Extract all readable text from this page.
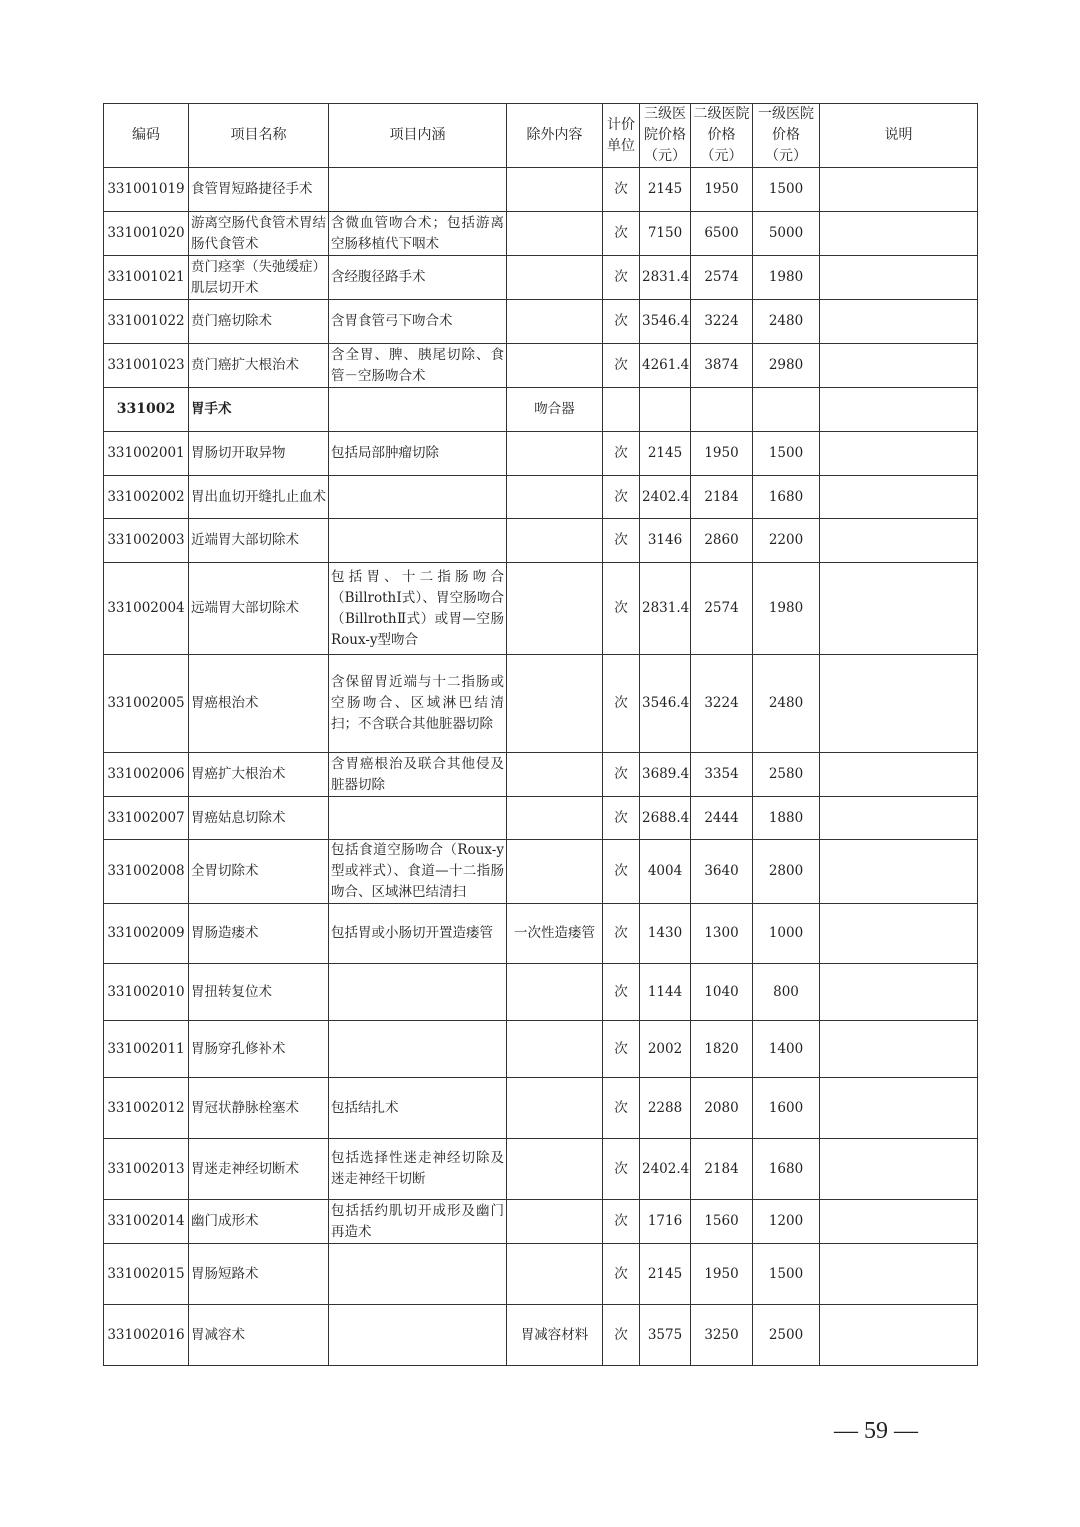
编码	项目名称	项目内涵	除外内容	计价单位	三级医院价格（元）	二级医院价格（元）	一级医院价格（元）	说明
331001019	食管胃短路捷径手术			次	2145	1950	1500	
331001020	游离空肠代食管术胃结肠代食管术	含微血管吻合术；包括游离空肠移植代下咽术		次	7150	6500	5000	
331001021	贲门痉挛（失弛缓症）肌层切开术	含经腹径路手术		次	2831.4	2574	1980	
331001022	贲门癌切除术	含胃食管弓下吻合术		次	3546.4	3224	2480	
331001023	贲门癌扩大根治术	含全胃、脾、胰尾切除、食管－空肠吻合术		次	4261.4	3874	2980	
331002	胃手术		吻合器					
331002001	胃肠切开取异物	包括局部肿瘤切除		次	2145	1950	1500	
331002002	胃出血切开缝扎止血术			次	2402.4	2184	1680	
331002003	近端胃大部切除术			次	3146	2860	2200	
331002004	远端胃大部切除术	包括胃、十二指肠吻合（BillrothⅠ式）、胃空肠吻合（BillrothⅡ式）或胃—空肠Roux-y型吻合		次	2831.4	2574	1980	
331002005	胃癌根治术	含保留胃近端与十二指肠或空肠吻合、区域淋巴结清扫；不含联合其他脏器切除		次	3546.4	3224	2480	
331002006	胃癌扩大根治术	含胃癌根治及联合其他侵及脏器切除		次	3689.4	3354	2580	
331002007	胃癌姑息切除术			次	2688.4	2444	1880	
331002008	全胃切除术	包括食道空肠吻合（Roux-y型或袢式）、食道—十二指肠吻合、区域淋巴结清扫		次	4004	3640	2800	
331002009	胃肠造瘘术	包括胃或小肠切开置造瘘管	一次性造瘘管	次	1430	1300	1000	
331002010	胃扭转复位术			次	1144	1040	800	
331002011	胃肠穿孔修补术			次	2002	1820	1400	
331002012	胃冠状静脉栓塞术	包括结扎术		次	2288	2080	1600	
331002013	胃迷走神经切断术	包括选择性迷走神经切除及迷走神经干切断		次	2402.4	2184	1680	
331002014	幽门成形术	包括括约肌切开成形及幽门再造术		次	1716	1560	1200	
331002015	胃肠短路术			次	2145	1950	1500	
331002016	胃减容术		胃减容材料	次	3575	3250	2500	
— 59 —
